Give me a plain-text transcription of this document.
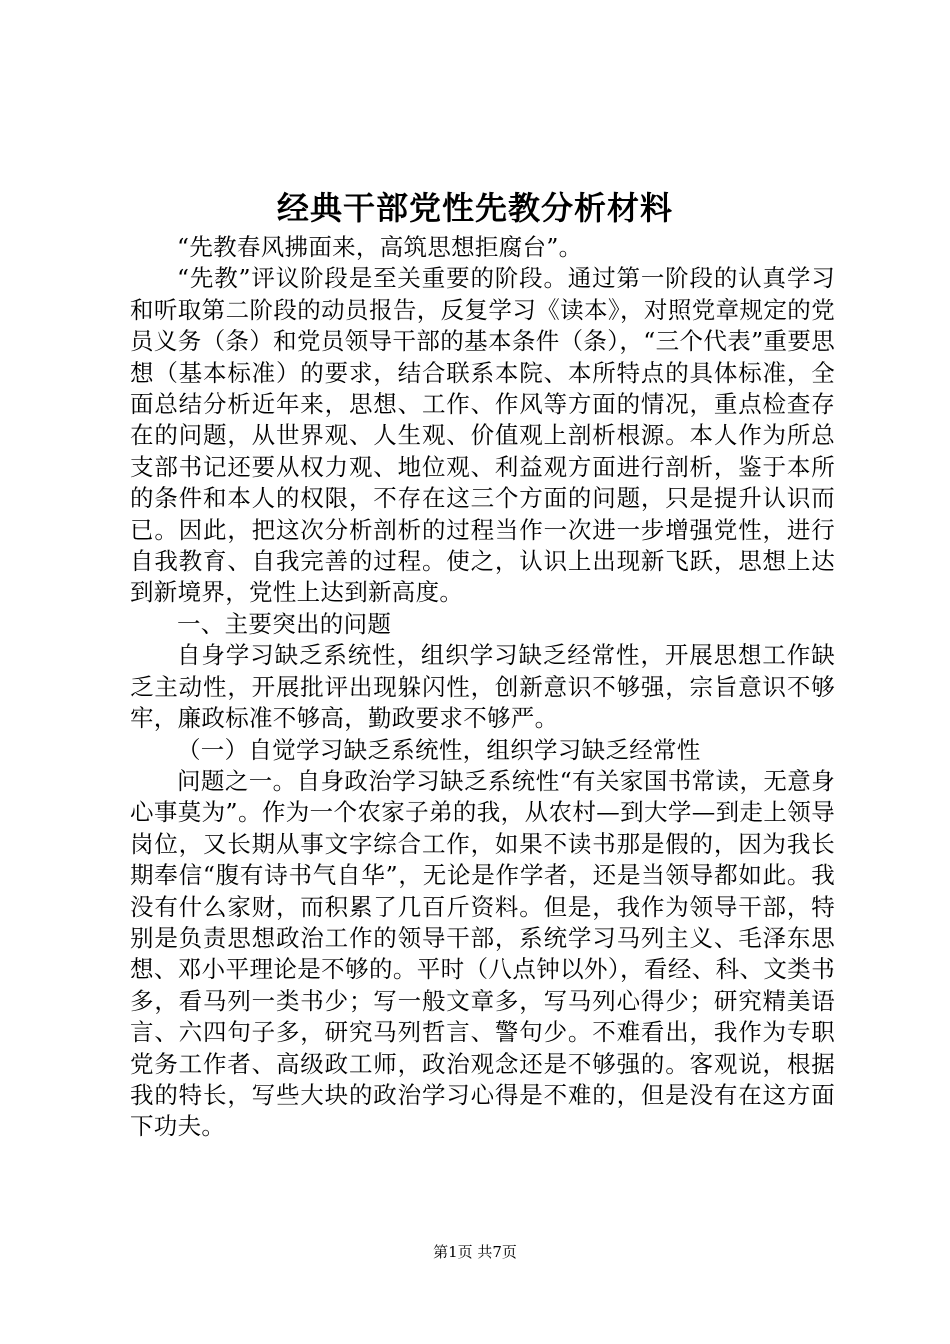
经典干部党性先教分析材料

“先教春风拂面来，高筑思想拒腐台”。

“先教”评议阶段是至关重要的阶段。通过第一阶段的认真学习和听取第二阶段的动员报告，反复学习《读本》，对照党章规定的党员义务（条）和党员领导干部的基本条件（条），“三个代表”重要思想（基本标准）的要求，结合联系本院、本所特点的具体标准，全面总结分析近年来，思想、工作、作风等方面的情况，重点检查存在的问题，从世界观、人生观、价值观上剖析根源。本人作为所总支部书记还要从权力观、地位观、利益观方面进行剖析，鉴于本所的条件和本人的权限，不存在这三个方面的问题，只是提升认识而已。因此，把这次分析剖析的过程当作一次进一步增强党性，进行自我教育、自我完善的过程。使之，认识上出现新飞跃，思想上达到新境界，党性上达到新高度。

一、主要突出的问题

自身学习缺乏系统性，组织学习缺乏经常性，开展思想工作缺乏主动性，开展批评出现躲闪性，创新意识不够强，宗旨意识不够牢，廉政标准不够高，勤政要求不够严。

（一）自觉学习缺乏系统性，组织学习缺乏经常性

问题之一。自身政治学习缺乏系统性“有关家国书常读，无意身心事莫为”。作为一个农家子弟的我，从农村—到大学—到走上领导岗位，又长期从事文字综合工作，如果不读书那是假的，因为我长期奉信“腹有诗书气自华”，无论是作学者，还是当领导都如此。我没有什么家财，而积累了几百斤资料。但是，我作为领导干部，特别是负责思想政治工作的领导干部，系统学习马列主义、毛泽东思想、邓小平理论是不够的。平时（八点钟以外），看经、科、文类书多，看马列一类书少；写一般文章多，写马列心得少；研究精美语言、六四句子多，研究马列哲言、警句少。不难看出，我作为专职党务工作者、高级政工师，政治观念还是不够强的。客观说，根据我的特长，写些大块的政治学习心得是不难的，但是没有在这方面下功夫。

第1页 共7页
